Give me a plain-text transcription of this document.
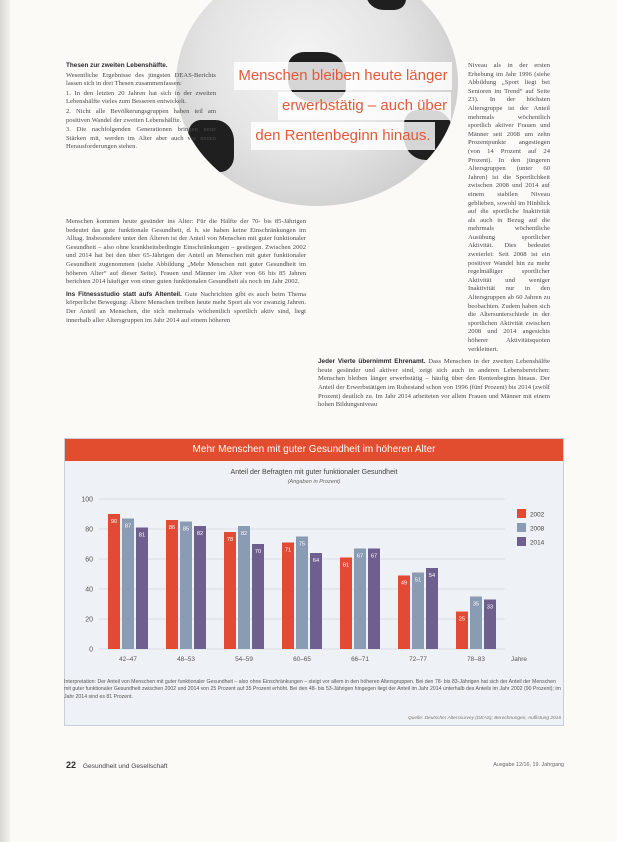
Menschen bleiben heute länger
erwerbstätig – auch über
den Rentenbeginn hinaus.

Thesen zur zweiten Lebenshälfte.

Wesentliche Ergebnisse des jüngsten DEAS-Berichts lassen sich in drei Thesen zusammenfassen:

1. In den letzten 20 Jahren hat sich in der zweiten Lebenshälfte vieles zum Besseren entwickelt.

2. Nicht alle Bevölkerungsgruppen haben teil am positiven Wandel der zweiten Lebenshälfte.

3. Die nachfolgenden Generationen bringen neue Stärken mit, werden im Alter aber auch vor neuen Herausforderungen stehen.

Menschen kommen heute gesünder ins Alter: Für die Hälfte der 70- bis 85-Jährigen bedeutet das gute funktionale Gesundheit, d. h. sie haben keine Einschränkungen im Alltag. Insbesondere unter den Älteren ist der Anteil von Menschen mit guter funktionaler Gesundheit – also ohne krankheitsbedingte Einschränkungen – gestiegen. Zwischen 2002 und 2014 hat bei den über 65-Jährigen der Anteil an Menschen mit guter funktionaler Gesundheit zugenommen (siehe Abbildung „Mehr Menschen mit guter Gesundheit im höheren Alter“ auf dieser Seite). Frauen und Männer im Alter von 66 bis 85 Jahren berichten 2014 häufiger von einer guten funktionalen Gesundheit als noch im Jahr 2002.

Ins Fitnessstudio statt aufs Altenteil. Gute Nachrichten gibt es auch beim Thema körperliche Bewegung: Ältere Menschen treiben heute mehr Sport als vor zwanzig Jahren. Der Anteil an Menschen, die sich mehrmals wöchentlich sportlich aktiv sind, liegt innerhalb aller Altersgruppen im Jahr 2014 auf einem höheren

Niveau als in der ersten Erhebung im Jahr 1996 (siehe Abbildung „Sport liegt bei Senioren im Trend“ auf Seite 23). In der höchsten Altersgruppe ist der Anteil mehrmals wöchentlich sportlich aktiver Frauen und Männer seit 2008 um zehn Prozentpunkte angestiegen (von 14 Prozent auf 24 Prozent). In den jüngeren Altersgruppen (unter 60 Jahren) ist die Sportlichkeit zwischen 2008 und 2014 auf einem stabilen Niveau geblieben, sowohl im Hinblick auf die sportliche Inaktivität als auch in Bezug auf die mehrmals wöchentliche Ausübung sportlicher Aktivität. Dies bedeutet zweierlei: Seit 2008 ist ein positiver Wandel hin zu mehr regelmäßiger sportlicher Aktivität und weniger Inaktivität nur in den Altersgruppen ab 60 Jahren zu beobachten. Zudem haben sich die Altersunterschiede in der sportlichen Aktivität zwischen 2008 und 2014 angesichts höherer Aktivitätsquoten verkleinert.

Jeder Vierte übernimmt Ehrenamt. Dass Menschen in der zweiten Lebenshälfte heute gesünder und aktiver sind, zeigt sich auch in anderen Lebensbereichen: Menschen bleiben länger erwerbstätig – häufig über den Rentenbeginn hinaus. Der Anteil der Erwerbstätigen im Ruhestand schon von 1996 (fünf Prozent) bis 2014 (zwölf Prozent) deutlich zu. Im Jahr 2014 arbeiteten vor allem Frauen und Männer mit einem hohen Bildungsniveau

Mehr Menschen mit guter Gesundheit im höheren Alter
Anteil der Befragten mit guter funktionaler Gesundheit
(Angaben in Prozent)
100
80
60
40
20
0
90
87
81
42–47
86 85
82
48–53
78
82
70
54–59
71
75
64
60–65
61
67 67
66–71
49 51
54
72–77
25
35 33
78–83	Jahre
2002
2008
2014
Interpretation: Der Anteil von Menschen mit guter funktionaler Gesundheit – also ohne Einschränkungen – steigt vor allem in den höheren Altersgruppen. Bei den 78- bis 83-Jährigen hat sich der Anteil der Menschen mit guter funktionaler Gesundheit zwischen 2002 und 2014 von 25 Prozent auf 35 Prozent erhöht. Bei den 48- bis 53-Jährigen hingegen liegt der Anteil im Jahr 2014 unterhalb des Anteils im Jahr 2002 (90 Prozent); im Jahr 2014 sind es 81 Prozent.
Quelle: Deutscher Alterssurvey (DEAS); Berechnungen, Auflistung 2016
22 Gesundheit und Gesellschaft	Ausgabe 12/16, 19. Jahrgang
